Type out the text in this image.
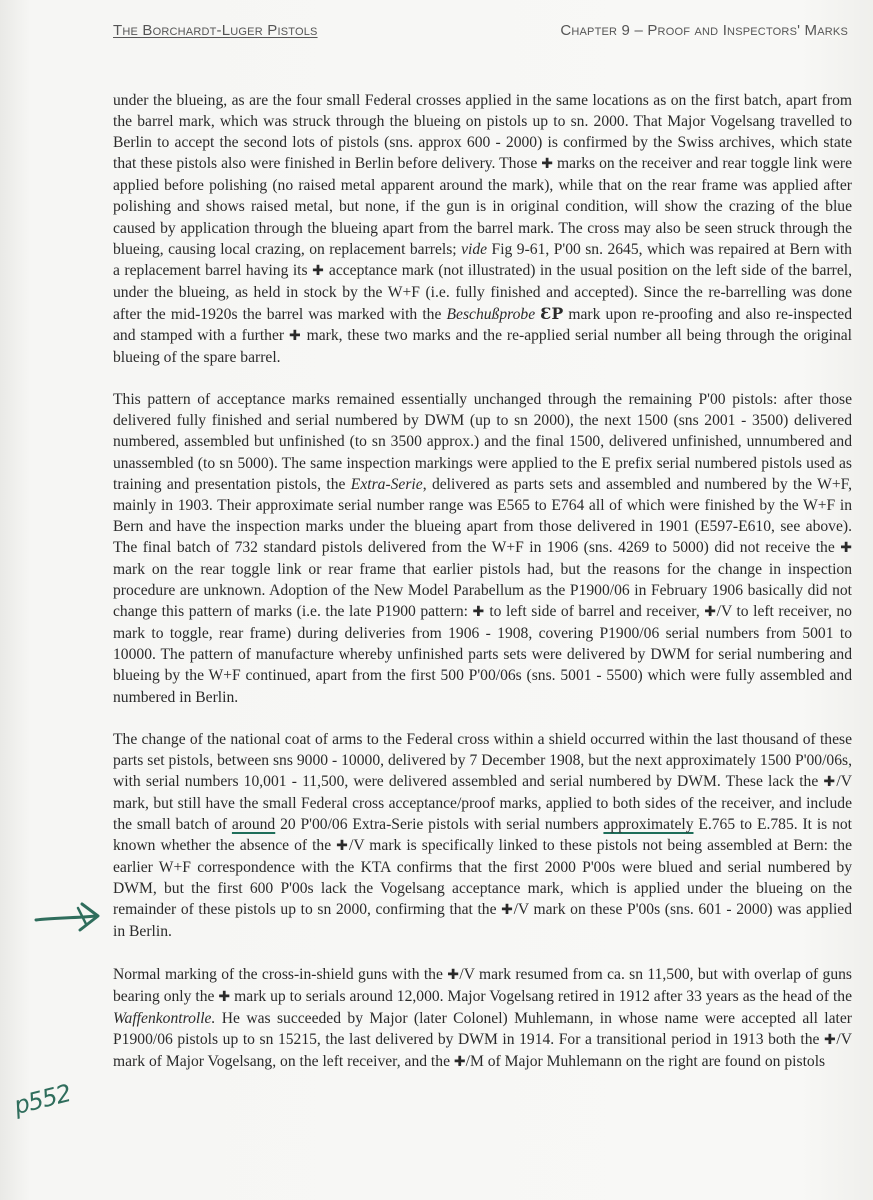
The Borchardt-Luger Pistols	Chapter 9 – Proof and Inspectors' Marks

under the blueing, as are the four small Federal crosses applied in the same locations as on the first batch, apart from the barrel mark, which was struck through the blueing on pistols up to sn. 2000. That Major Vogelsang travelled to Berlin to accept the second lots of pistols (sns. approx 600 - 2000) is confirmed by the Swiss archives, which state that these pistols also were finished in Berlin before delivery. Those ✚ marks on the receiver and rear toggle link were applied before polishing (no raised metal apparent around the mark), while that on the rear frame was applied after polishing and shows raised metal, but none, if the gun is in original condition, will show the crazing of the blue caused by application through the blueing apart from the barrel mark. The cross may also be seen struck through the blueing, causing local crazing, on replacement barrels; vide Fig 9-61, P'00 sn. 2645, which was repaired at Bern with a replacement barrel having its ✚ acceptance mark (not illustrated) in the usual position on the left side of the barrel, under the blueing, as held in stock by the W+F (i.e. fully finished and accepted). Since the re-barrelling was done after the mid-1920s the barrel was marked with the Beschußprobe ƐP mark upon re-proofing and also re-inspected and stamped with a further ✚ mark, these two marks and the re-applied serial number all being through the original blueing of the spare barrel.

This pattern of acceptance marks remained essentially unchanged through the remaining P'00 pistols: after those delivered fully finished and serial numbered by DWM (up to sn 2000), the next 1500 (sns 2001 - 3500) delivered numbered, assembled but unfinished (to sn 3500 approx.) and the final 1500, delivered unfinished, unnumbered and unassembled (to sn 5000). The same inspection markings were applied to the E prefix serial numbered pistols used as training and presentation pistols, the Extra-Serie, delivered as parts sets and assembled and numbered by the W+F, mainly in 1903. Their approximate serial number range was E565 to E764 all of which were finished by the W+F in Bern and have the inspection marks under the blueing apart from those delivered in 1901 (E597-E610, see above). The final batch of 732 standard pistols delivered from the W+F in 1906 (sns. 4269 to 5000) did not receive the ✚ mark on the rear toggle link or rear frame that earlier pistols had, but the reasons for the change in inspection procedure are unknown. Adoption of the New Model Parabellum as the P1900/06 in February 1906 basically did not change this pattern of marks (i.e. the late P1900 pattern: ✚ to left side of barrel and receiver, ✚/V to left receiver, no mark to toggle, rear frame) during deliveries from 1906 - 1908, covering P1900/06 serial numbers from 5001 to 10000. The pattern of manufacture whereby unfinished parts sets were delivered by DWM for serial numbering and blueing by the W+F continued, apart from the first 500 P'00/06s (sns. 5001 - 5500) which were fully assembled and numbered in Berlin.

The change of the national coat of arms to the Federal cross within a shield occurred within the last thousand of these parts set pistols, between sns 9000 - 10000, delivered by 7 December 1908, but the next approximately 1500 P'00/06s, with serial numbers 10,001 - 11,500, were delivered assembled and serial numbered by DWM. These lack the ✚/V mark, but still have the small Federal cross acceptance/proof marks, applied to both sides of the receiver, and include the small batch of around 20 P'00/06 Extra-Serie pistols with serial numbers approximately E.765 to E.785. It is not known whether the absence of the ✚/V mark is specifically linked to these pistols not being assembled at Bern: the earlier W+F correspondence with the KTA confirms that the first 2000 P'00s were blued and serial numbered by DWM, but the first 600 P'00s lack the Vogelsang acceptance mark, which is applied under the blueing on the remainder of these pistols up to sn 2000, confirming that the ✚/V mark on these P'00s (sns. 601 - 2000) was applied in Berlin.

Normal marking of the cross-in-shield guns with the ✚/V mark resumed from ca. sn 11,500, but with overlap of guns bearing only the ✚ mark up to serials around 12,000. Major Vogelsang retired in 1912 after 33 years as the head of the Waffenkontrolle. He was succeeded by Major (later Colonel) Muhlemann, in whose name were accepted all later P1900/06 pistols up to sn 15215, the last delivered by DWM in 1914. For a transitional period in 1913 both the ✚/V mark of Major Vogelsang, on the left receiver, and the ✚/M of Major Muhlemann on the right are found on pistols

p552
